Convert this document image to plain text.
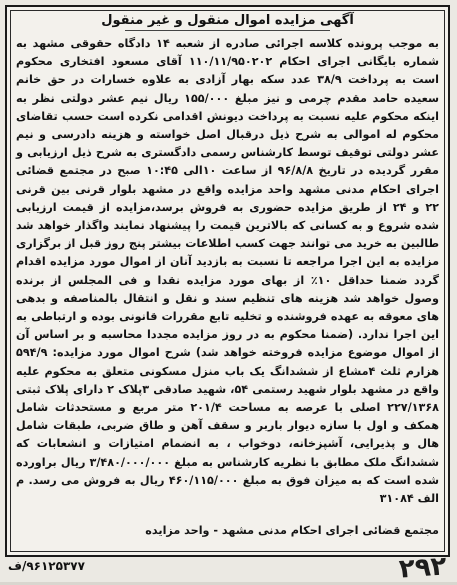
آگهی مزایده اموال منقول و غیر منقول

به موجب پرونده کلاسه اجرائی صادره از شعبه ۱۴ دادگاه حقوقی مشهد به شماره بایگانی اجرای احکام ۱۱۰/۱۱/۹۵۰۲۰۲ آقای مسعود افتخاری محکوم است به پرداخت ۳۸/۹ عدد سکه بهار آزادی به علاوه خسارات در حق خانم سعیده حامد مقدم چرمی و نیز مبلغ ۱۵۵/۰۰۰ ریال نیم عشر دولتی نظر به اینکه محکوم علیه نسبت به پرداخت دیونش اقدامی نکرده است حسب تقاضای محکوم له اموالی به شرح ذیل درقبال اصل خواسته و هزینه دادرسی و نیم عشر دولتی توقیف توسط کارشناس رسمی دادگستری به شرح ذیل ارزیابی و مقرر گردیده در تاریخ ۹۶/۸/۸ از ساعت ۱۰الی ۱۰:۴۵ صبح در مجتمع قضائی اجرای احکام مدنی مشهد واحد مزایده واقع در مشهد بلوار قرنی بین قرنی ۲۲ و ۲۴ از طریق مزایده حضوری به فروش برسد،مزایده از قیمت ارزیابی شده شروع و به کسانی که بالاترین قیمت را پیشنهاد نمایند واگذار خواهد شد طالبین به خرید می توانند جهت کسب اطلاعات بیشتر پنج روز قبل از برگزاری مزایده به این اجرا مراجعه تا نسبت به بازدید آنان از اموال مورد مزایده اقدام گردد ضمنا حداقل ۱۰٪ از بهای مورد مزایده نقدا و فی المجلس از برنده وصول خواهد شد هزینه های تنظیم سند و نقل و انتقال بالمناصفه و بدهی های معوقه به عهده فروشنده و تخلیه تابع مقررات قانونی بوده و ارتباطی به این اجرا ندارد. (ضمنا محکوم به در روز مزایده مجددا محاسبه و بر اساس آن از اموال موضوع مزایده فروخته خواهد شد) شرح اموال مورد مزایده: ۵۹۴/۹ هزارم ثلث ۴مشاع از ششدانگ یک باب منزل مسکونی متعلق به محکوم علیه واقع در مشهد بلوار شهید رستمی ۵۴، شهید صادقی ۳پلاک ۲ دارای پلاک ثبتی ۲۲۷/۱۳۶۸ اصلی با عرصه به مساحت ۲۰۱/۴ متر مربع و مستحدثات شامل همکف و اول با سازه دیوار باربر و سقف آهن و طاق ضربی، طبقات شامل هال و پذیرایی، آشپزخانه، دوخواب ، به انضمام امتیازات و انشعابات که ششدانگ ملک مطابق با نظریه کارشناس به مبلغ ۳/۴۸۰/۰۰۰/۰۰۰ ریال براورده شده است که به میزان فوق به مبلغ ۴۶۰/۱۱۵/۰۰۰ ریال به فروش می رسد. م الف ۳۱۰۸۴

مجتمع قضائی اجرای احکام مدنی مشهد - واحد مزایده
۹۶۱۲۵۳۷۷/ف	۲۹۲
